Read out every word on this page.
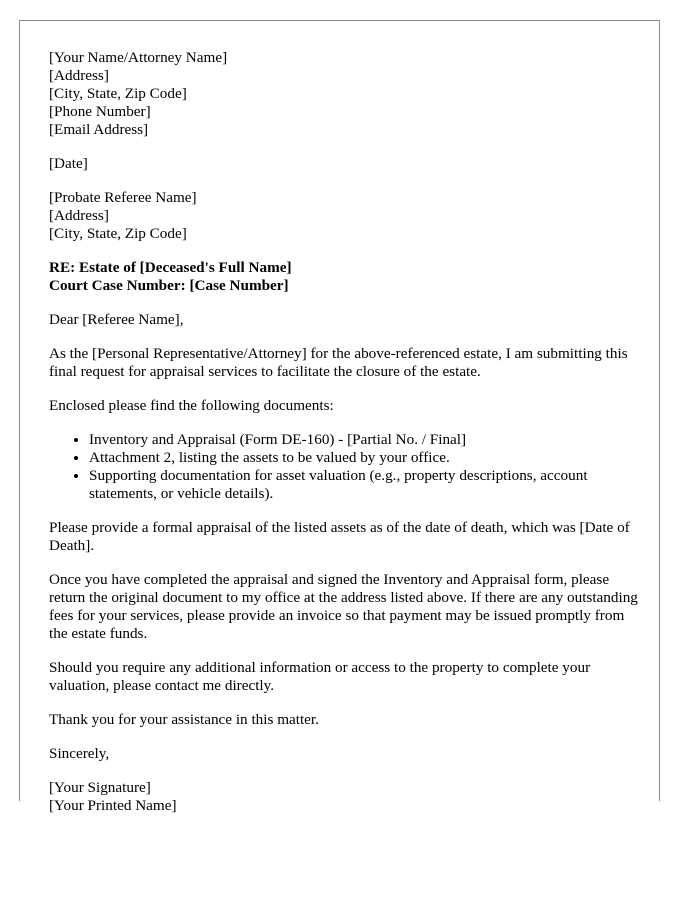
[Your Name/Attorney Name]
[Address]
[City, State, Zip Code]
[Phone Number]
[Email Address]
[Date]
[Probate Referee Name]
[Address]
[City, State, Zip Code]
RE: Estate of [Deceased's Full Name]
Court Case Number: [Case Number]

Dear [Referee Name],

As the [Personal Representative/Attorney] for the above-referenced estate, I am submitting this final request for appraisal services to facilitate the closure of the estate.

Enclosed please find the following documents:

• Inventory and Appraisal (Form DE-160) - [Partial No. / Final]
• Attachment 2, listing the assets to be valued by your office.
• Supporting documentation for asset valuation (e.g., property descriptions, account statements, or vehicle details).

Please provide a formal appraisal of the listed assets as of the date of death, which was [Date of Death].

Once you have completed the appraisal and signed the Inventory and Appraisal form, please return the original document to my office at the address listed above. If there are any outstanding fees for your services, please provide an invoice so that payment may be issued promptly from the estate funds.

Should you require any additional information or access to the property to complete your valuation, please contact me directly.

Thank you for your assistance in this matter.

Sincerely,

[Your Signature]
[Your Printed Name]
